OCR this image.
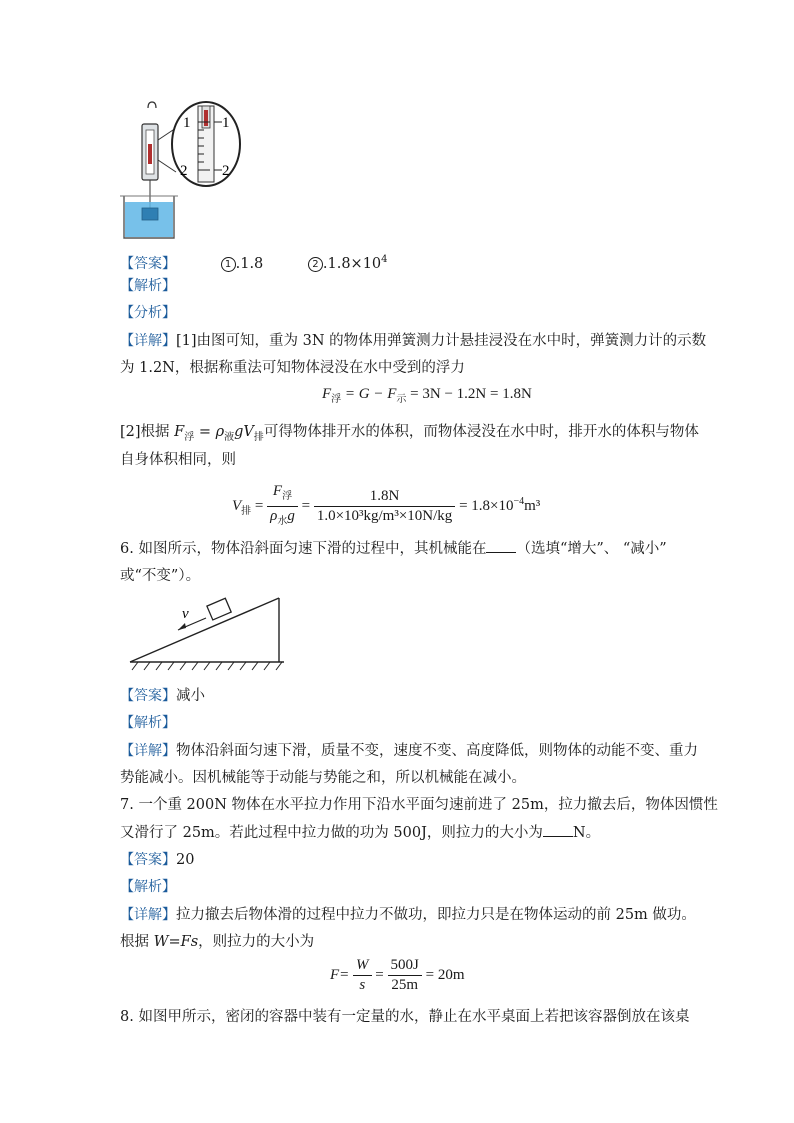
1 1
2 2
【答案】	1 .1.8	2 $.1.8\times 10^4$
【解析】
【分析】
【详解】[1]由图可知，重为 3N 的物体用弹簧测力计悬挂浸没在水中时，弹簧测力计的示数
为 1.2N，根据称重法可知物体浸没在水中受到的浮力
$F_浮 = G - F_示 = 3N - 1.2N = 1.8N$
[2]根据 $F_浮 = \rho_液gV_排$可得物体排开水的体积，而物体浸没在水中时，排开水的体积与物体
自身体积相同，则
$V_排 = \frac{F_浮}{\rho_水g} = \frac{1.8N}{\text{1.0×10³kg/m³×10N/kg}} = 1.8\times 10^{-4}m^3$
6. 如图所示，物体沿斜面匀速下滑的过程中，其机械能在 （选填“增大”、 “减小”
或“不变”）。
v
【答案】减小
【解析】
【详解】物体沿斜面匀速下滑，质量不变，速度不变、高度降低，则物体的动能不变、重力
势能减小。因机械能等于动能与势能之和，所以机械能在减小。
7. 一个重 200N 物体在水平拉力作用下沿水平面匀速前进了 25m，拉力撤去后，物体因惯性
又滑行了 25m。若此过程中拉力做的功为 500J，则拉力的大小为 N。
【答案】20
【解析】
【详解】拉力撤去后物体滑的过程中拉力不做功，即拉力只是在物体运动的前 25m 做功。
根据 W=Fs，则拉力的大小为
$F= \frac{W}{s} = \frac{500J}{25m} = 20m$
8. 如图甲所示，密闭的容器中装有一定量的水，静止在水平桌面上若把该容器倒放在该桌
